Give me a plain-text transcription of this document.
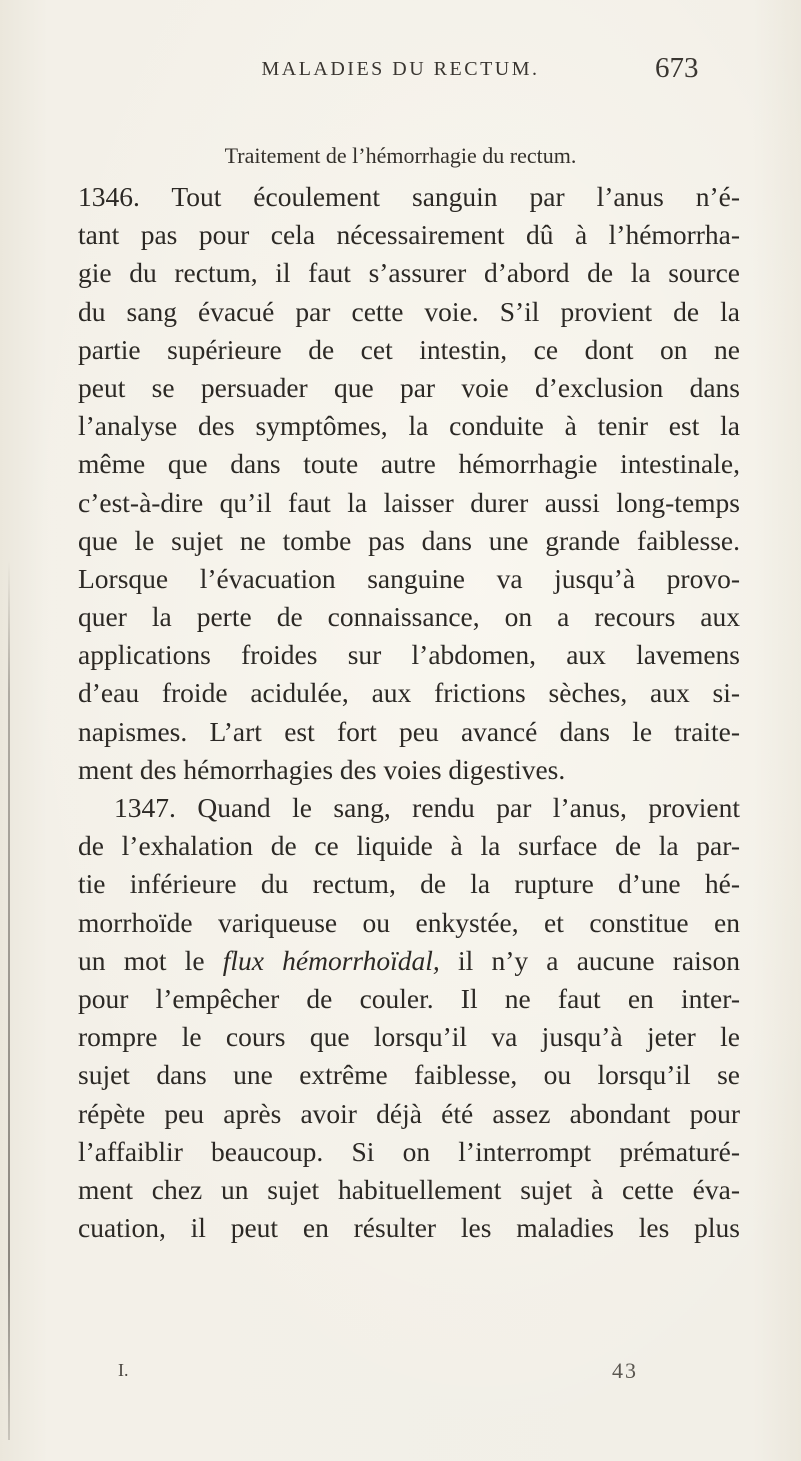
MALADIES DU RECTUM.	673
Traitement de l’hémorrhagie du rectum.
1346. Tout écoulement sanguin par l’anus n’é-
tant pas pour cela nécessairement dû à l’hémorrha-
gie du rectum, il faut s’assurer d’abord de la source
du sang évacué par cette voie. S’il provient de la
partie supérieure de cet intestin, ce dont on ne
peut se persuader que par voie d’exclusion dans
l’analyse des symptômes, la conduite à tenir est la
même que dans toute autre hémorrhagie intestinale,
c’est-à-dire qu’il faut la laisser durer aussi long-temps
que le sujet ne tombe pas dans une grande faiblesse.
Lorsque l’évacuation sanguine va jusqu’à provo-
quer la perte de connaissance, on a recours aux
applications froides sur l’abdomen, aux lavemens
d’eau froide acidulée, aux frictions sèches, aux si-
napismes. L’art est fort peu avancé dans le traite-
ment des hémorrhagies des voies digestives.
1347. Quand le sang, rendu par l’anus, provient
de l’exhalation de ce liquide à la surface de la par-
tie inférieure du rectum, de la rupture d’une hé-
morrhoïde variqueuse ou enkystée, et constitue en
un mot le flux hémorrhoïdal, il n’y a aucune raison
pour l’empêcher de couler. Il ne faut en inter-
rompre le cours que lorsqu’il va jusqu’à jeter le
sujet dans une extrême faiblesse, ou lorsqu’il se
répète peu après avoir déjà été assez abondant pour
l’affaiblir beaucoup. Si on l’interrompt prématuré-
ment chez un sujet habituellement sujet à cette éva-
cuation, il peut en résulter les maladies les plus
I.	43
